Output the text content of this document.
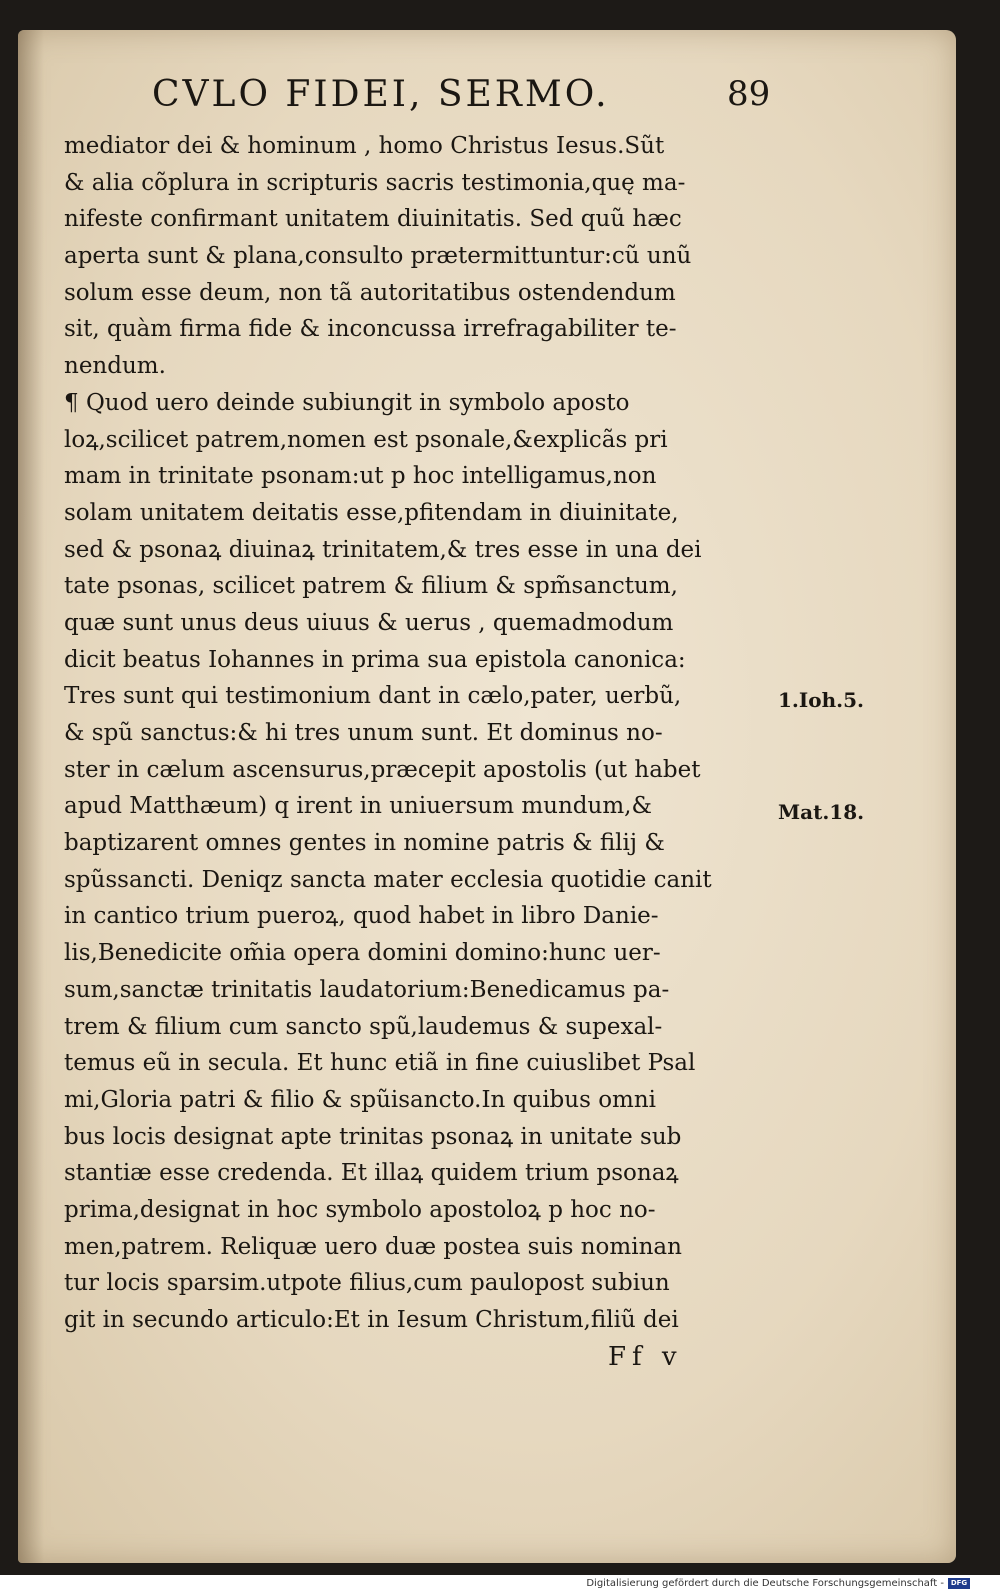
CVLO FIDEI, SERMO.	89
mediator dei & hominum , homo Christus Iesus.Sũt
& alia cõplura in scripturis sacris testimonia,quę ma-
nifeste confirmant unitatem diuinitatis. Sed quũ hæc
aperta sunt & plana,consulto prætermittuntur:cũ unũ
solum esse deum, non tã autoritatibus ostendendum
sit, quàm firma fide & inconcussa irrefragabiliter te-
nendum.
¶ Quod uero deinde subiungit in symbolo aposto
loꝝ,scilicet patrem,nomen est psonale,&explicãs pri
mam in trinitate psonam:ut p hoc intelligamus,non
solam unitatem deitatis esse,pfitendam in diuinitate,
sed & psonaꝝ diuinaꝝ trinitatem,& tres esse in una dei
tate psonas, scilicet patrem & filium & spm̃sanctum,
quæ sunt unus deus uiuus & uerus , quemadmodum
dicit beatus Iohannes in prima sua epistola canonica:
Tres sunt qui testimonium dant in cælo,pater, uerbũ,
& spũ sanctus:& hi tres unum sunt. Et dominus no-
ster in cælum ascensurus,præcepit apostolis (ut habet
apud Matthæum) q irent in uniuersum mundum,&
baptizarent omnes gentes in nomine patris & filij &
spũssancti. Deniqz sancta mater ecclesia quotidie canit
in cantico trium pueroꝝ, quod habet in libro Danie-
lis,Benedicite om̃ia opera domini domino:hunc uer-
sum,sanctæ trinitatis laudatorium:Benedicamus pa-
trem & filium cum sancto spũ,laudemus & supexal-
temus eũ in secula. Et hunc etiã in fine cuiuslibet Psal
mi,Gloria patri & filio & spũisancto.In quibus omni
bus locis designat apte trinitas psonaꝝ in unitate sub
stantiæ esse credenda. Et illaꝝ quidem trium psonaꝝ
prima,designat in hoc symbolo apostoloꝝ p hoc no-
men,patrem. Reliquæ uero duæ postea suis nominan
tur locis sparsim.utpote filius,cum paulopost subiun
git in secundo articulo:Et in Iesum Christum,filiũ dei
1.Ioh.5.
Mat.18.
Ff v
Digitalisierung gefördert durch die Deutsche Forschungsgemeinschaft - DFG
